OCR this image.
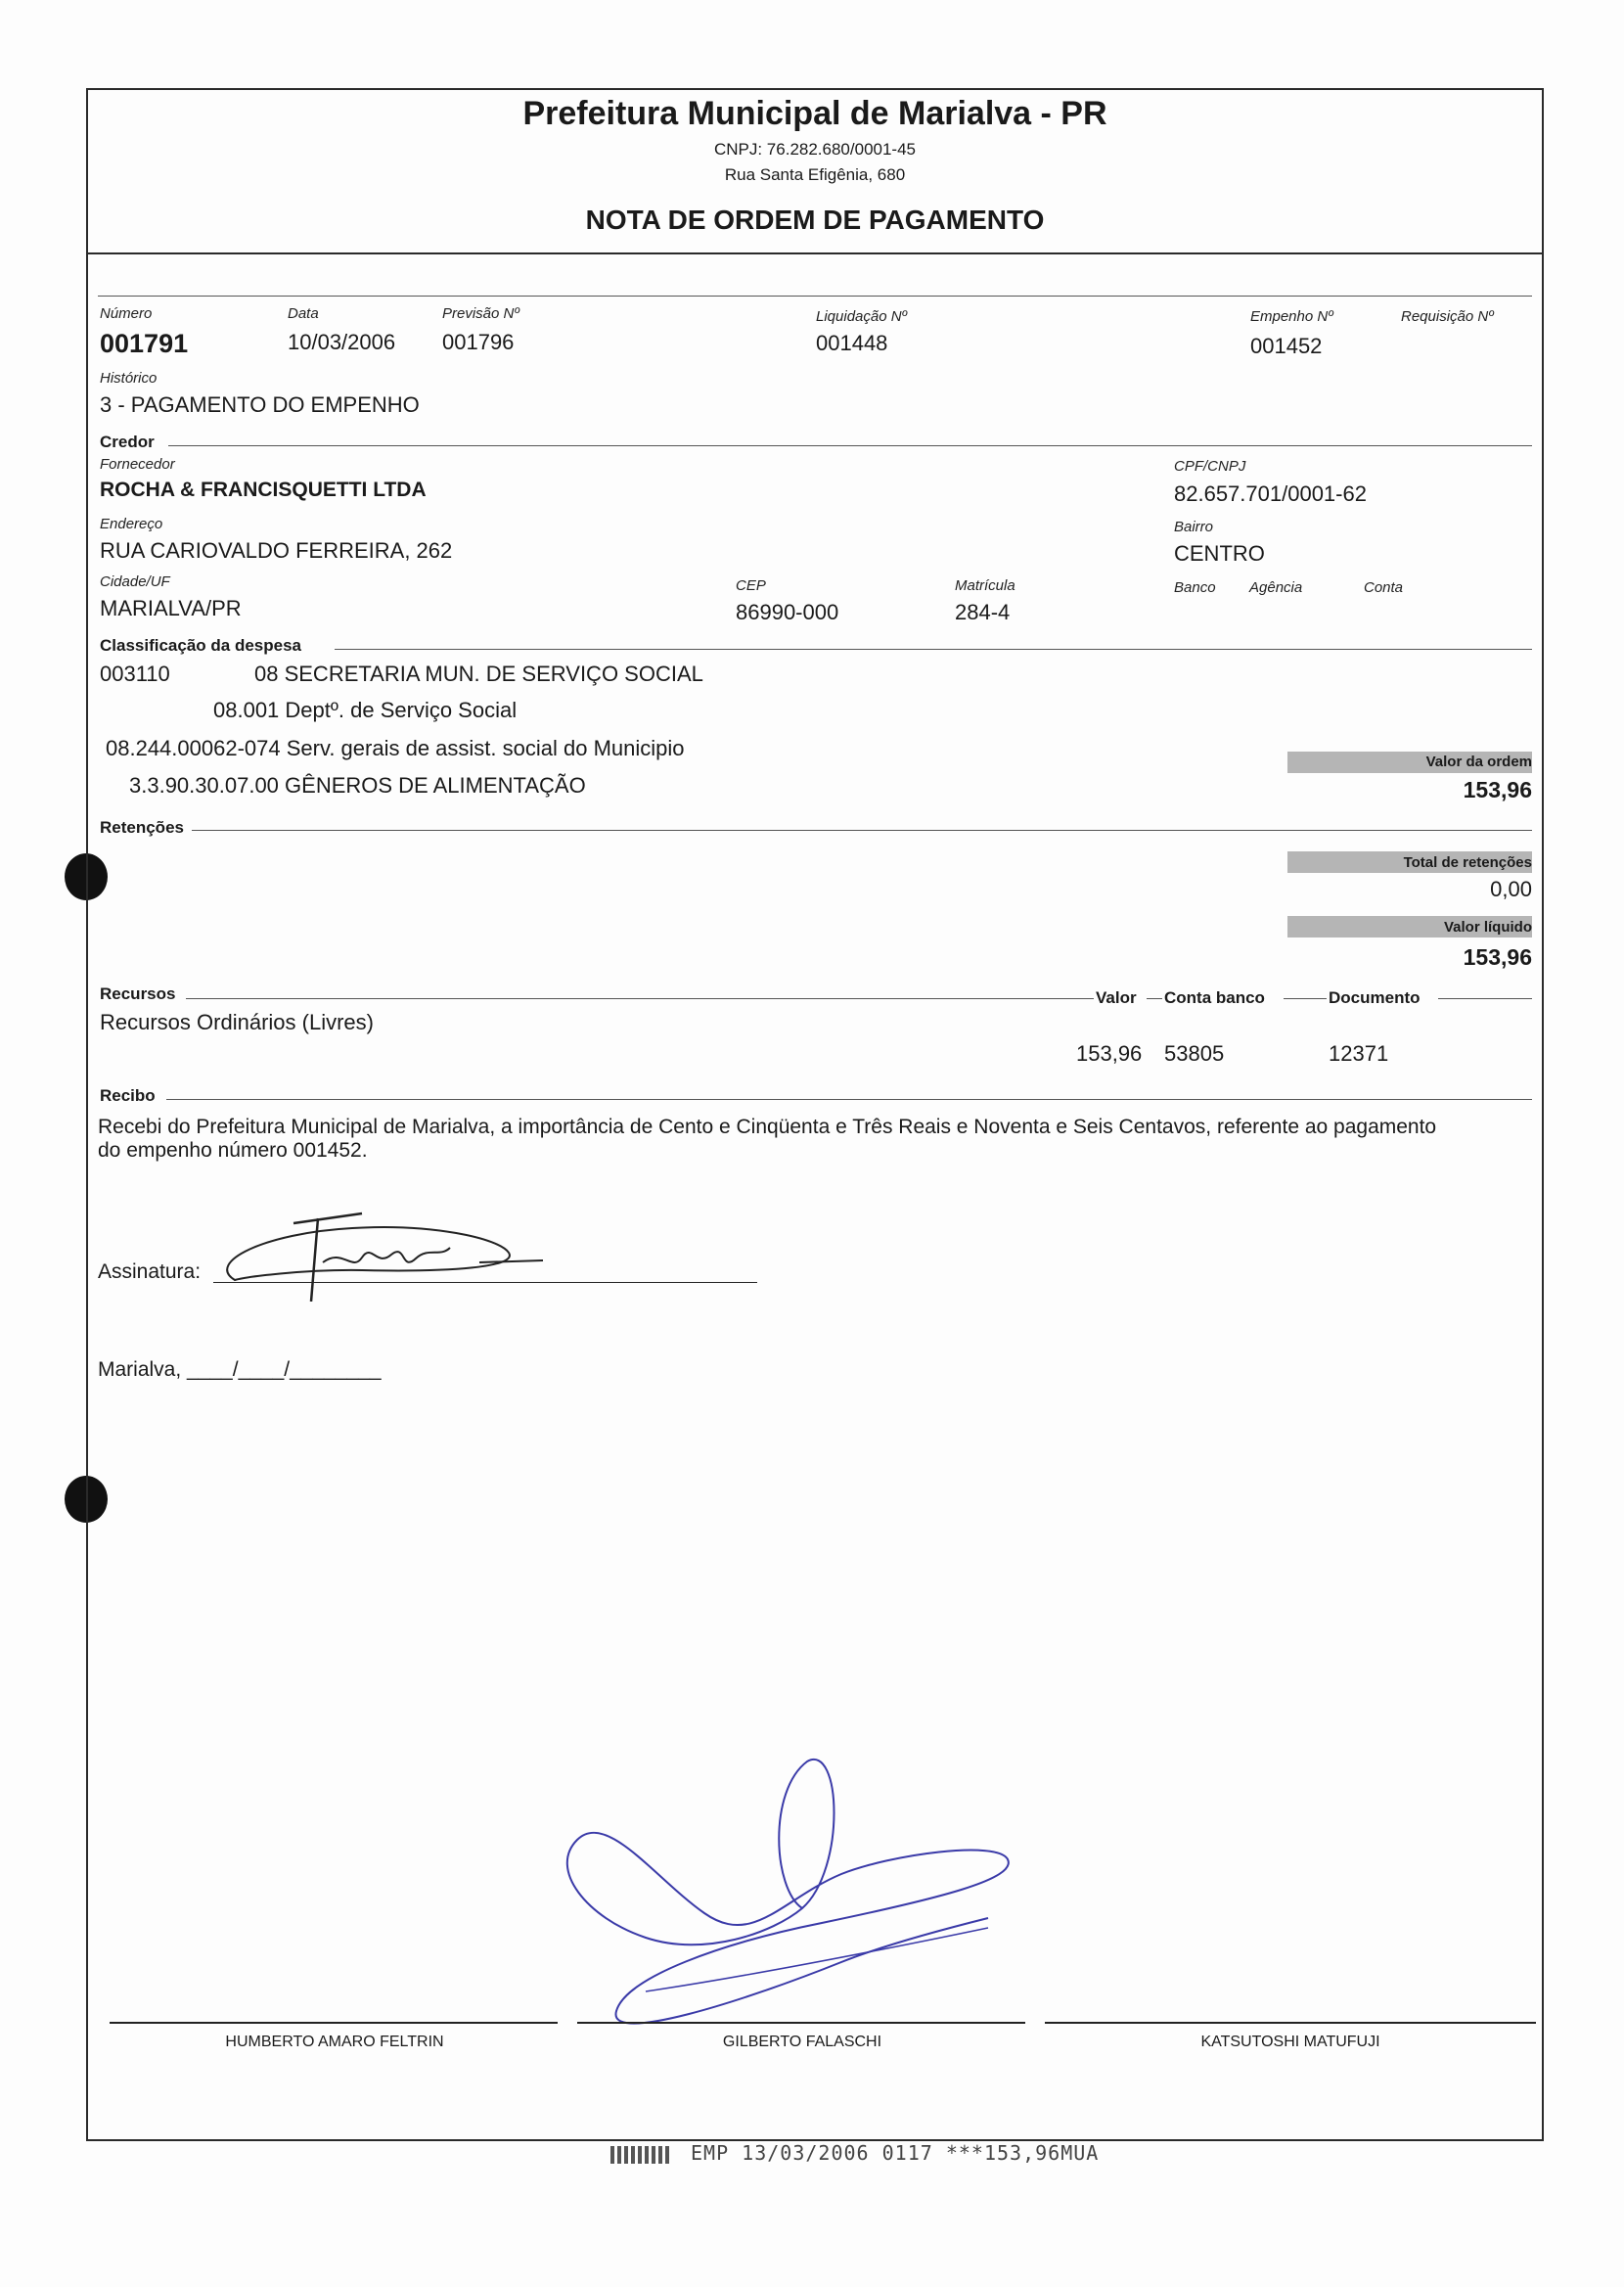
Prefeitura Municipal de Marialva - PR
CNPJ: 76.282.680/0001-45
Rua Santa Efigênia, 680
NOTA DE ORDEM DE PAGAMENTO
Número	Data	Previsão Nº	Liquidação Nº	Empenho Nº	Requisição Nº
001791	10/03/2006 001796	001448	001452
Histórico
3 - PAGAMENTO DO EMPENHO
Credor
Fornecedor
ROCHA & FRANCISQUETTI LTDA
CPF/CNPJ
82.657.701/0001-62
Endereço
RUA CARIOVALDO FERREIRA, 262
Bairro
CENTRO
Cidade/UF
MARIALVA/PR
CEP
86990-000
Matrícula
284-4
Banco Agência	Conta
Classificação da despesa
003110	08 SECRETARIA MUN. DE SERVIÇO SOCIAL
08.001 Deptº. de Serviço Social
08.244.00062-074 Serv. gerais de assist. social do Municipio
3.3.90.30.07.00 GÊNEROS DE ALIMENTAÇÃO
Valor da ordem
153,96
Retenções
Total de retenções
0,00
Valor líquido
153,96
Recursos	Valor Conta banco	Documento
Recursos Ordinários (Livres)
153,96 53805	12371
Recibo
Recebi do Prefeitura Municipal de Marialva, a importância de Cento e Cinqüenta e Três Reais e Noventa e Seis Centavos, referente ao pagamento
do empenho número 001452.
Assinatura:
Marialva, ____/____/________
HUMBERTO AMARO FELTRIN	GILBERTO FALASCHI	KATSUTOSHI MATUFUJI
EMP 13/03/2006 0117 ***153,96MUA
